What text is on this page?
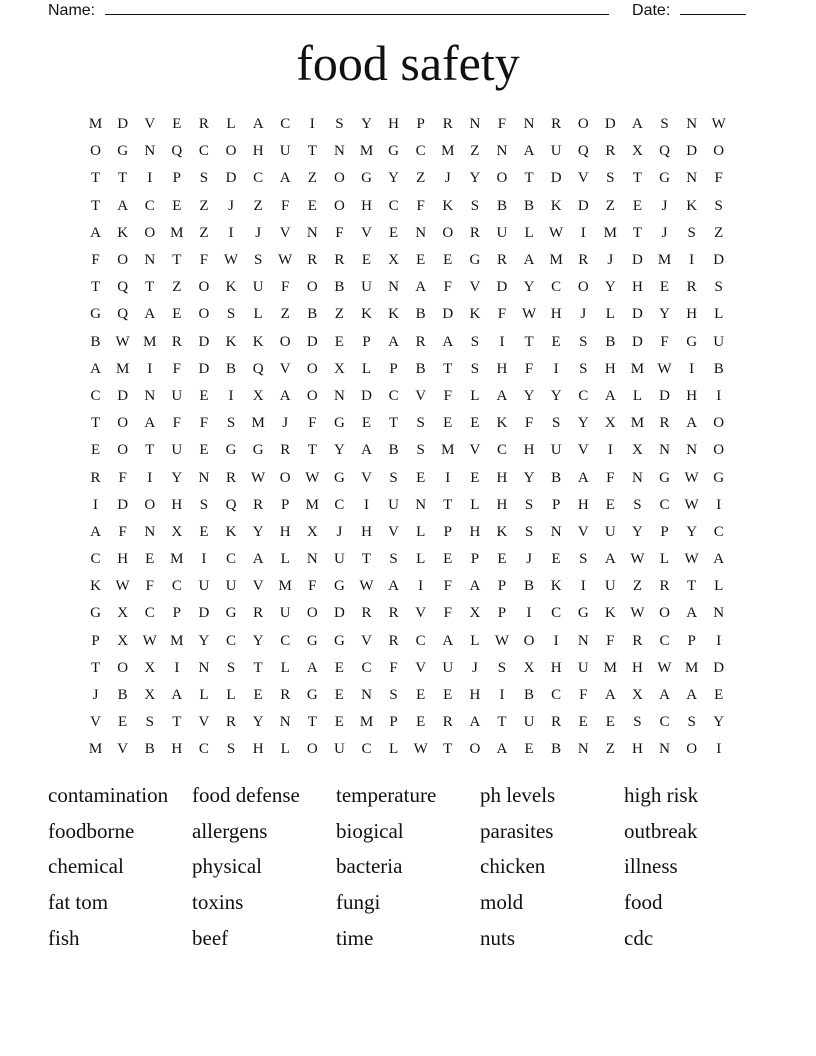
Name:	Date:
food safety
M	D	V	E	R	L	A	C	I	S	Y	H	P	R	N	F	N	R	O	D	A	S	N W
O	G	N	Q	C	O	H	U	T	N	M	G	C	M	Z	N	A	U	Q	R	X	Q	D	O
T	T	I	P	S	D	C	A	Z	O	G	Y	Z	J	Y	O	T	D	V	S	T	G	N	F
T	A	C	E	Z	J	Z	F	E	O	H	C	F	K	S	B	B	K	D	Z	E	J	K	S
A	K	O	M	Z	I	J	V	N	F	V	E	N	O	R	U	L	W	I	M	T	J	S	Z
F	O	N	T	F	W	S	W	R	R	E	X	E	E	G	R	A	M	R	J	D	M	I	D
T	Q	T	Z	O	K	U	F	O	B	U	N	A	F	V	D	Y	C	O	Y	H	E	R	S
G	Q	A	E	O	S	L	Z	B	Z	K	K	B	D	K	F	W H	J	L	D	Y	H	L
B	W M	R	D	K	K	O	D	E	P	A	R	A	S	I	T	E	S	B	D	F	G	U
A	M	I	F	D	B	Q	V	O	X	L	P	B	T	S	H	F	I	S	H	M W	I	B
C	D	N	U	E	I	X	A	O	N	D	C	V	F	L	A	Y	Y	C	A	L	D	H	I
T	O	A	F	F	S	M	J	F	G	E	T	S	E	E	K	F	S	Y	X	M	R	A	O
E	O	T	U	E	G	G	R	T	Y	A	B	S	M	V	C	H	U	V	I	X	N	N	O
R	F	I	Y	N	R	W O W G	V	S	E	I	E	H	Y	B	A	F	N	G W G
I	D	O	H	S	Q	R	P	M	C	I	U	N	T	L	H	S	P	H	E	S	C	W	I
A	F	N	X	E	K	Y	H	X	J	H	V	L	P	H	K	S	N	V	U	Y	P	Y	C
C	H	E	M	I	C	A	L	N	U	T	S	L	E	P	E	J	E	S	A W	L	W A
K W	F	C	U	U	V	M	F	G W A	I	F	A	P	B	K	I	U	Z	R	T	L
G	X	C	P	D	G	R	U	O	D	R	R	V	F	X	P	I	C	G	K W O	A	N
P	X W M	Y	C	Y	C	G	G	V	R	C	A	L	W O	I	N	F	R	C	P	I
T	O	X	I	N	S	T	L	A	E	C	F	V	U	J	S	X	H	U	M	H W M	D
J	B	X	A	L	L	E	R	G	E	N	S	E	E	H	I	B	C	F	A	X	A	A	E
V	E	S	T	V	R	Y	N	T	E	M	P	E	R	A	T	U	R	E	E	S	C	S	Y
M	V	B	H	C	S	H	L	O	U	C	L	W	T	O	A	E	B	N	Z	H	N	O	I
contamination	food defense	temperature	ph levels	high risk
foodborne	allergens	biogical	parasites	outbreak
chemical	physical	bacteria	chicken	illness
fat tom	toxins	fungi	mold	food
fish	beef	time	nuts	cdc
